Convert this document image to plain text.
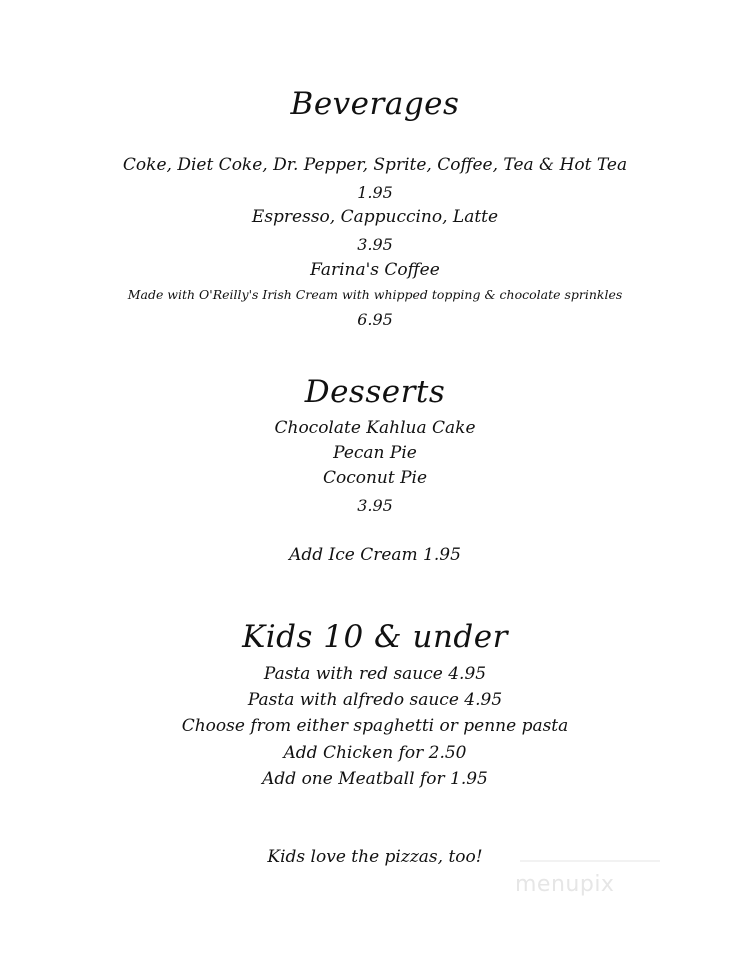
Beverages
Coke, Diet Coke, Dr. Pepper, Sprite, Coffee, Tea & Hot Tea
1.95
Espresso, Cappuccino, Latte
3.95
Farina's Coffee
Made with O'Reilly's Irish Cream with whipped topping & chocolate sprinkles
6.95
Desserts
Chocolate Kahlua Cake
Pecan Pie
Coconut Pie
3.95
Add Ice Cream 1.95
Kids 10 & under
Pasta with red sauce 4.95
Pasta with alfredo sauce 4.95
Choose from either spaghetti or penne pasta
Add Chicken for 2.50
Add one Meatball for 1.95
Kids love the pizzas, too!
menupix
